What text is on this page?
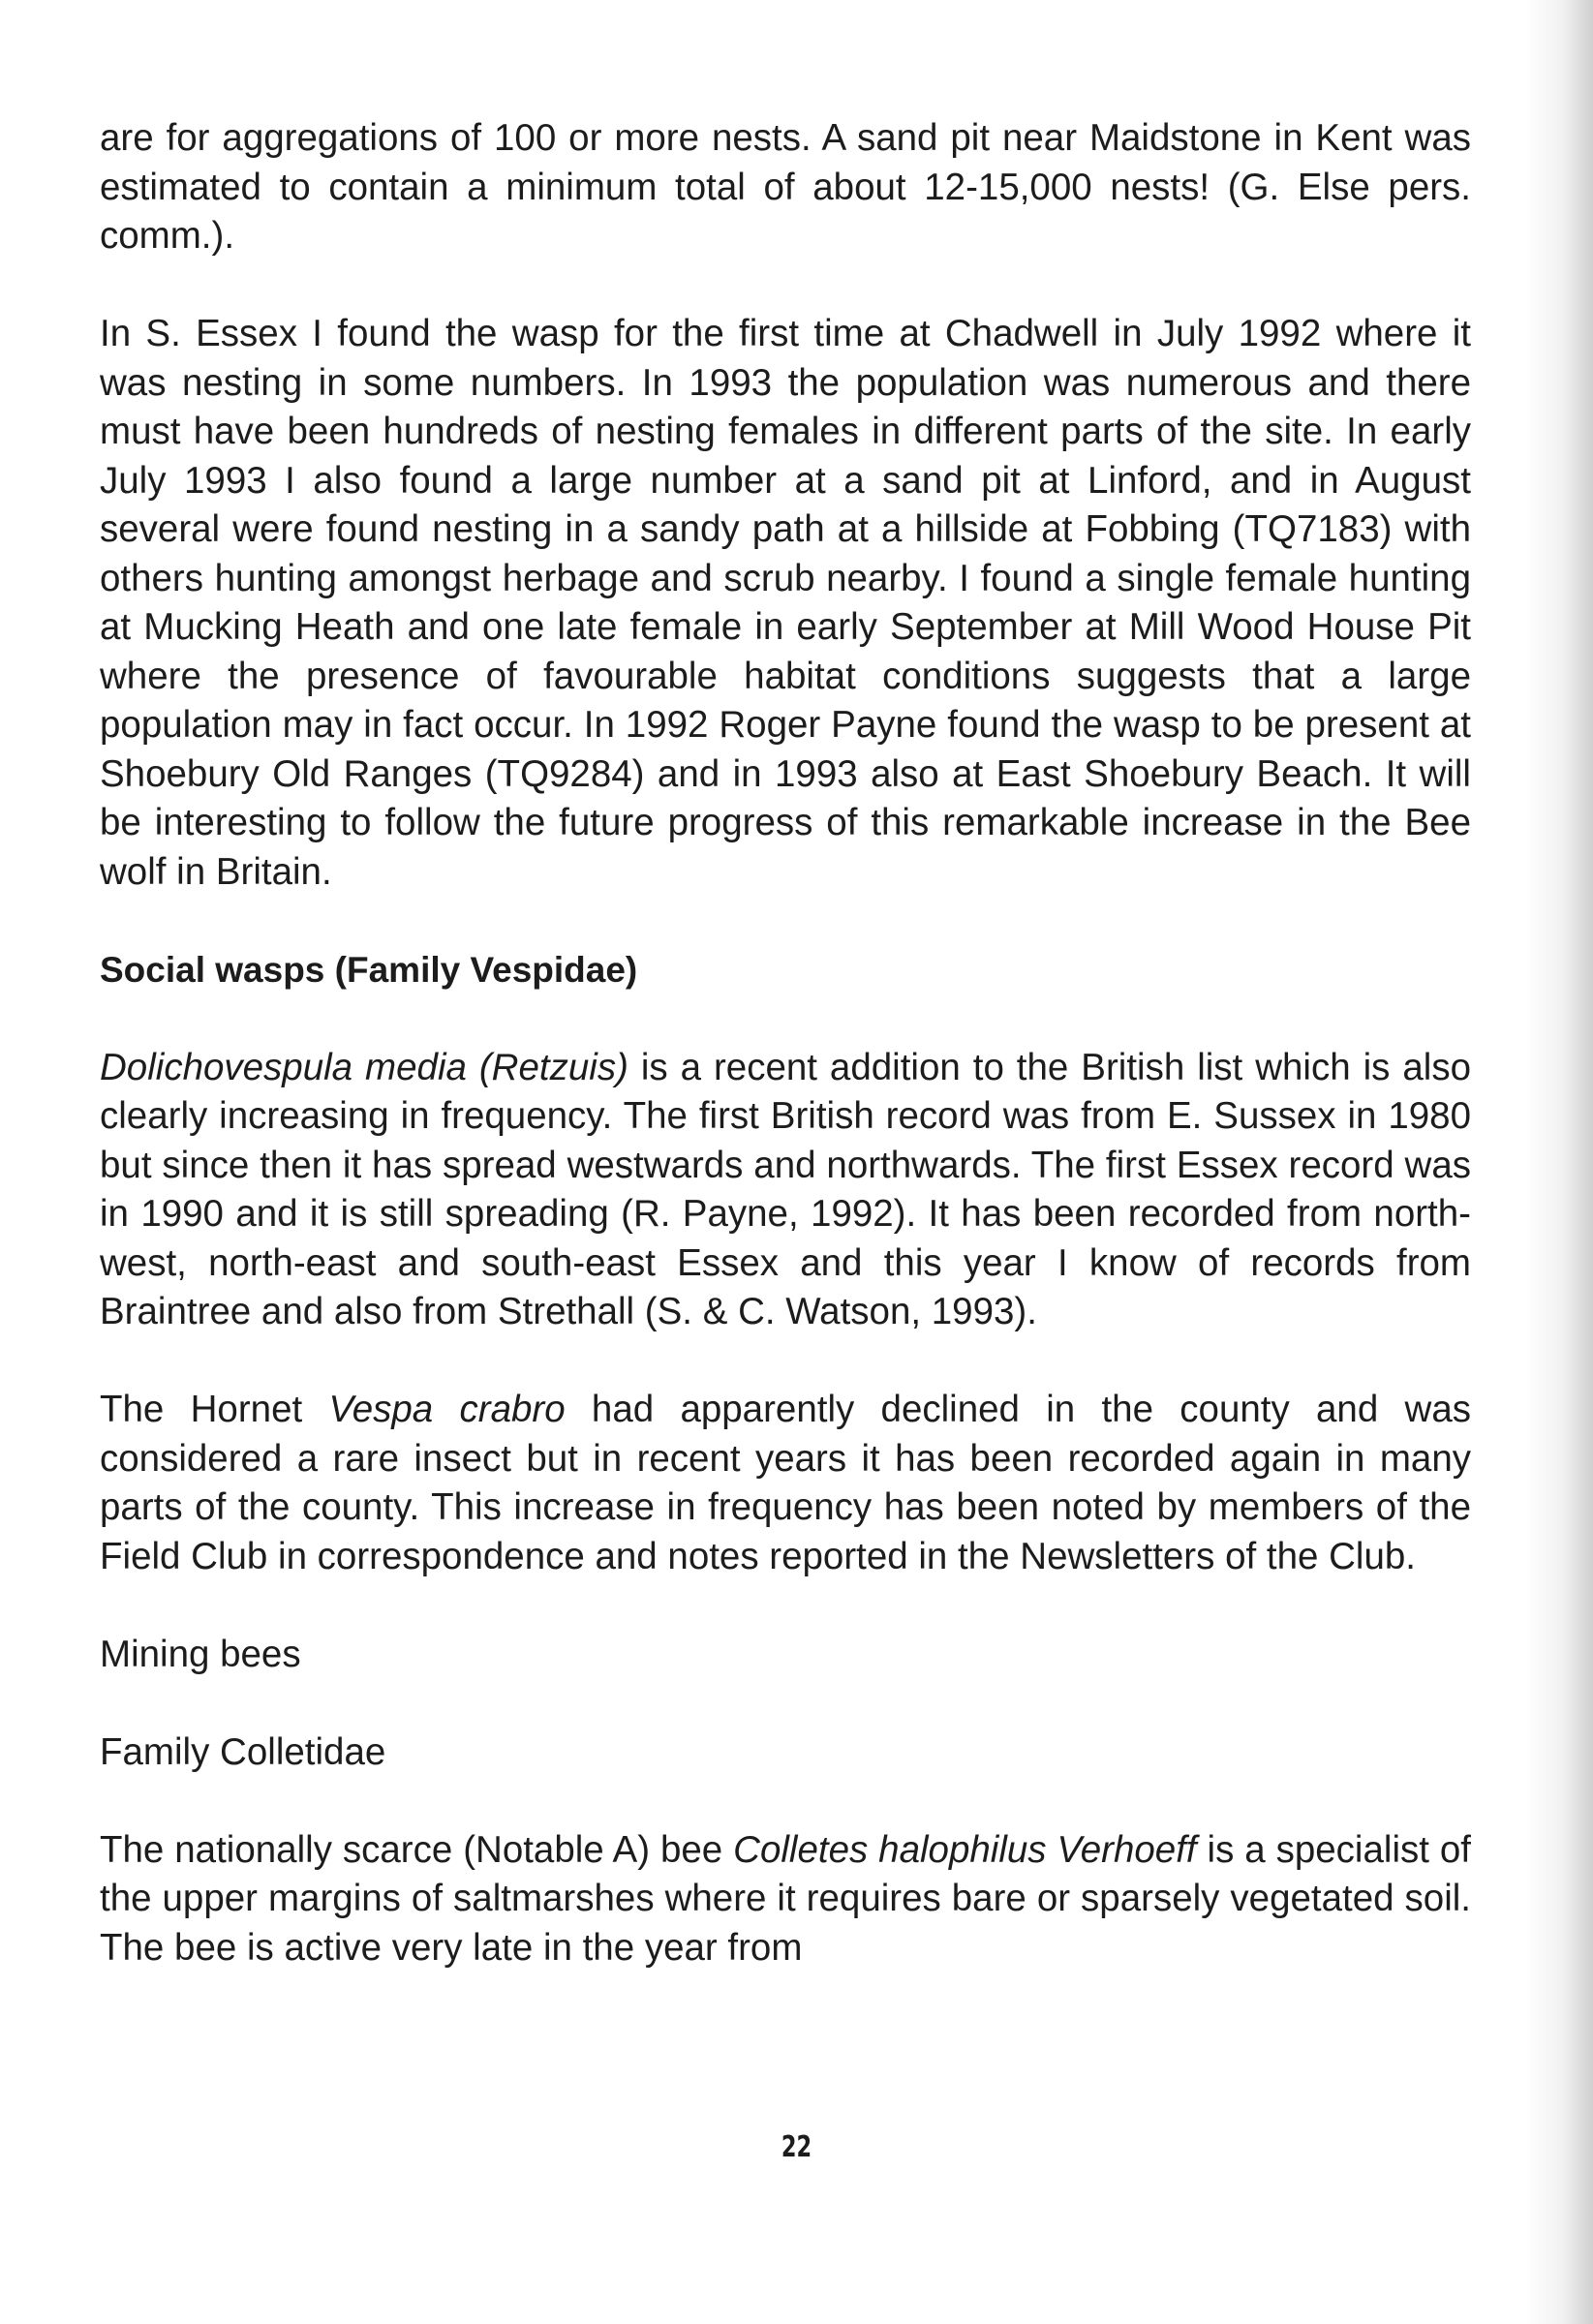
are for aggregations of 100 or more nests. A sand pit near Maidstone in Kent was estimated to contain a minimum total of about 12-15,000 nests! (G. Else pers. comm.).

In S. Essex I found the wasp for the first time at Chadwell in July 1992 where it was nesting in some numbers. In 1993 the population was numerous and there must have been hundreds of nesting females in different parts of the site. In early July 1993 I also found a large number at a sand pit at Linford, and in August several were found nesting in a sandy path at a hillside at Fobbing (TQ7183) with others hunting amongst herbage and scrub nearby. I found a single female hunting at Mucking Heath and one late female in early September at Mill Wood House Pit where the presence of favourable habitat conditions suggests that a large population may in fact occur. In 1992 Roger Payne found the wasp to be present at Shoebury Old Ranges (TQ9284) and in 1993 also at East Shoebury Beach. It will be interesting to follow the future progress of this remarkable increase in the Bee wolf in Britain.

Social wasps (Family Vespidae)

Dolichovespula media (Retzuis) is a recent addition to the British list which is also clearly increasing in frequency. The first British record was from E. Sussex in 1980 but since then it has spread westwards and northwards. The first Essex record was in 1990 and it is still spreading (R. Payne, 1992). It has been recorded from north-west, north-east and south-east Essex and this year I know of records from Braintree and also from Strethall (S. & C. Watson, 1993).

The Hornet Vespa crabro had apparently declined in the county and was considered a rare insect but in recent years it has been recorded again in many parts of the county. This increase in frequency has been noted by members of the Field Club in correspondence and notes reported in the Newsletters of the Club.

Mining bees

Family Colletidae

The nationally scarce (Notable A) bee Colletes halophilus Verhoeff is a specialist of the upper margins of saltmarshes where it requires bare or sparsely vegetated soil. The bee is active very late in the year from

22
